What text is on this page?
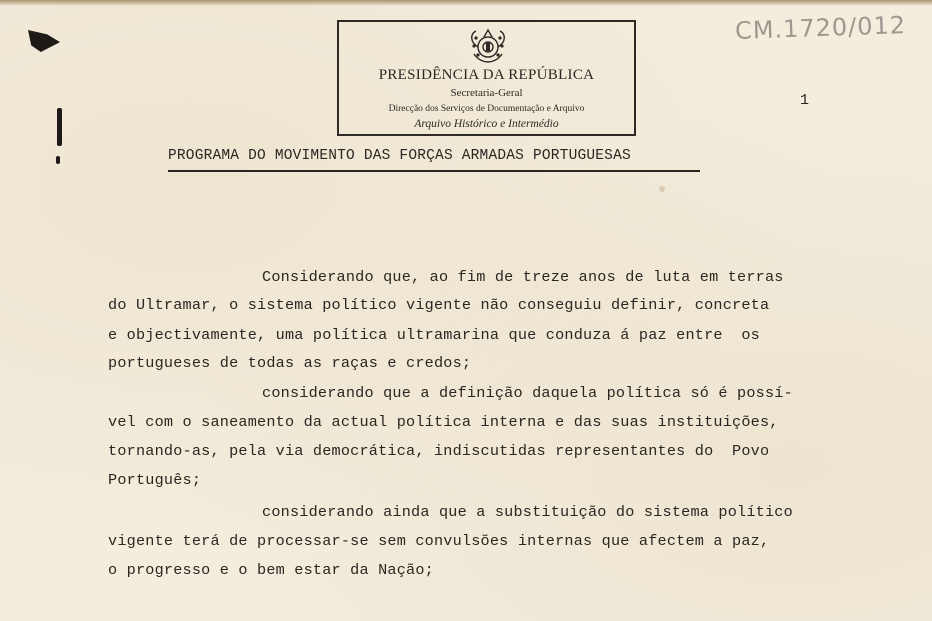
PRESIDÊNCIA DA REPÚBLICA
Secretaria-Geral
Direcção dos Serviços de Documentação e Arquivo
Arquivo Histórico e Intermédio
CM.1720/012
1
PROGRAMA DO MOVIMENTO DAS FORÇAS ARMADAS PORTUGUESAS
Considerando que, ao fim de treze anos de luta em terras
do Ultramar, o sistema político vigente não conseguiu definir, concreta
e objectivamente, uma política ultramarina que conduza á paz entre  os
portugueses de todas as raças e credos;
considerando que a definição daquela política só é possí-
vel com o saneamento da actual política interna e das suas instituições,
tornando-as, pela via democrática, indiscutidas representantes do  Povo
Português;
considerando ainda que a substituição do sistema político
vigente terá de processar-se sem convulsões internas que afectem a paz,
o progresso e o bem estar da Nação;
